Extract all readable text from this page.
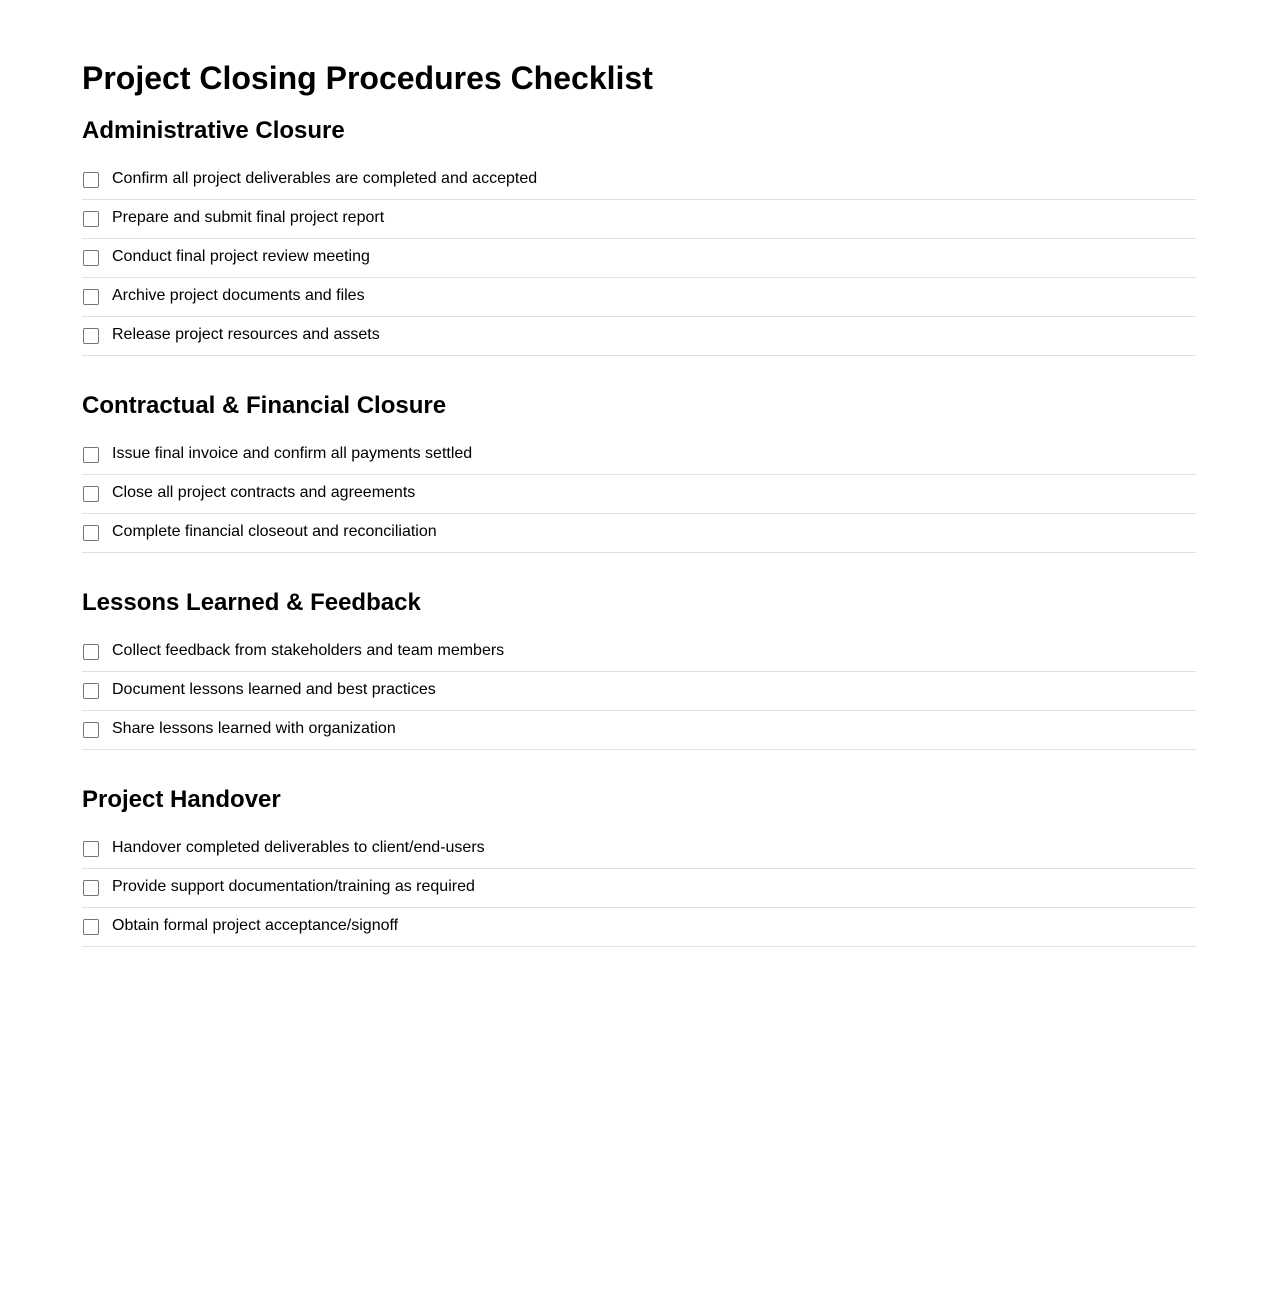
Project Closing Procedures Checklist
Administrative Closure
Confirm all project deliverables are completed and accepted
Prepare and submit final project report
Conduct final project review meeting
Archive project documents and files
Release project resources and assets
Contractual & Financial Closure
Issue final invoice and confirm all payments settled
Close all project contracts and agreements
Complete financial closeout and reconciliation
Lessons Learned & Feedback
Collect feedback from stakeholders and team members
Document lessons learned and best practices
Share lessons learned with organization
Project Handover
Handover completed deliverables to client/end-users
Provide support documentation/training as required
Obtain formal project acceptance/signoff
